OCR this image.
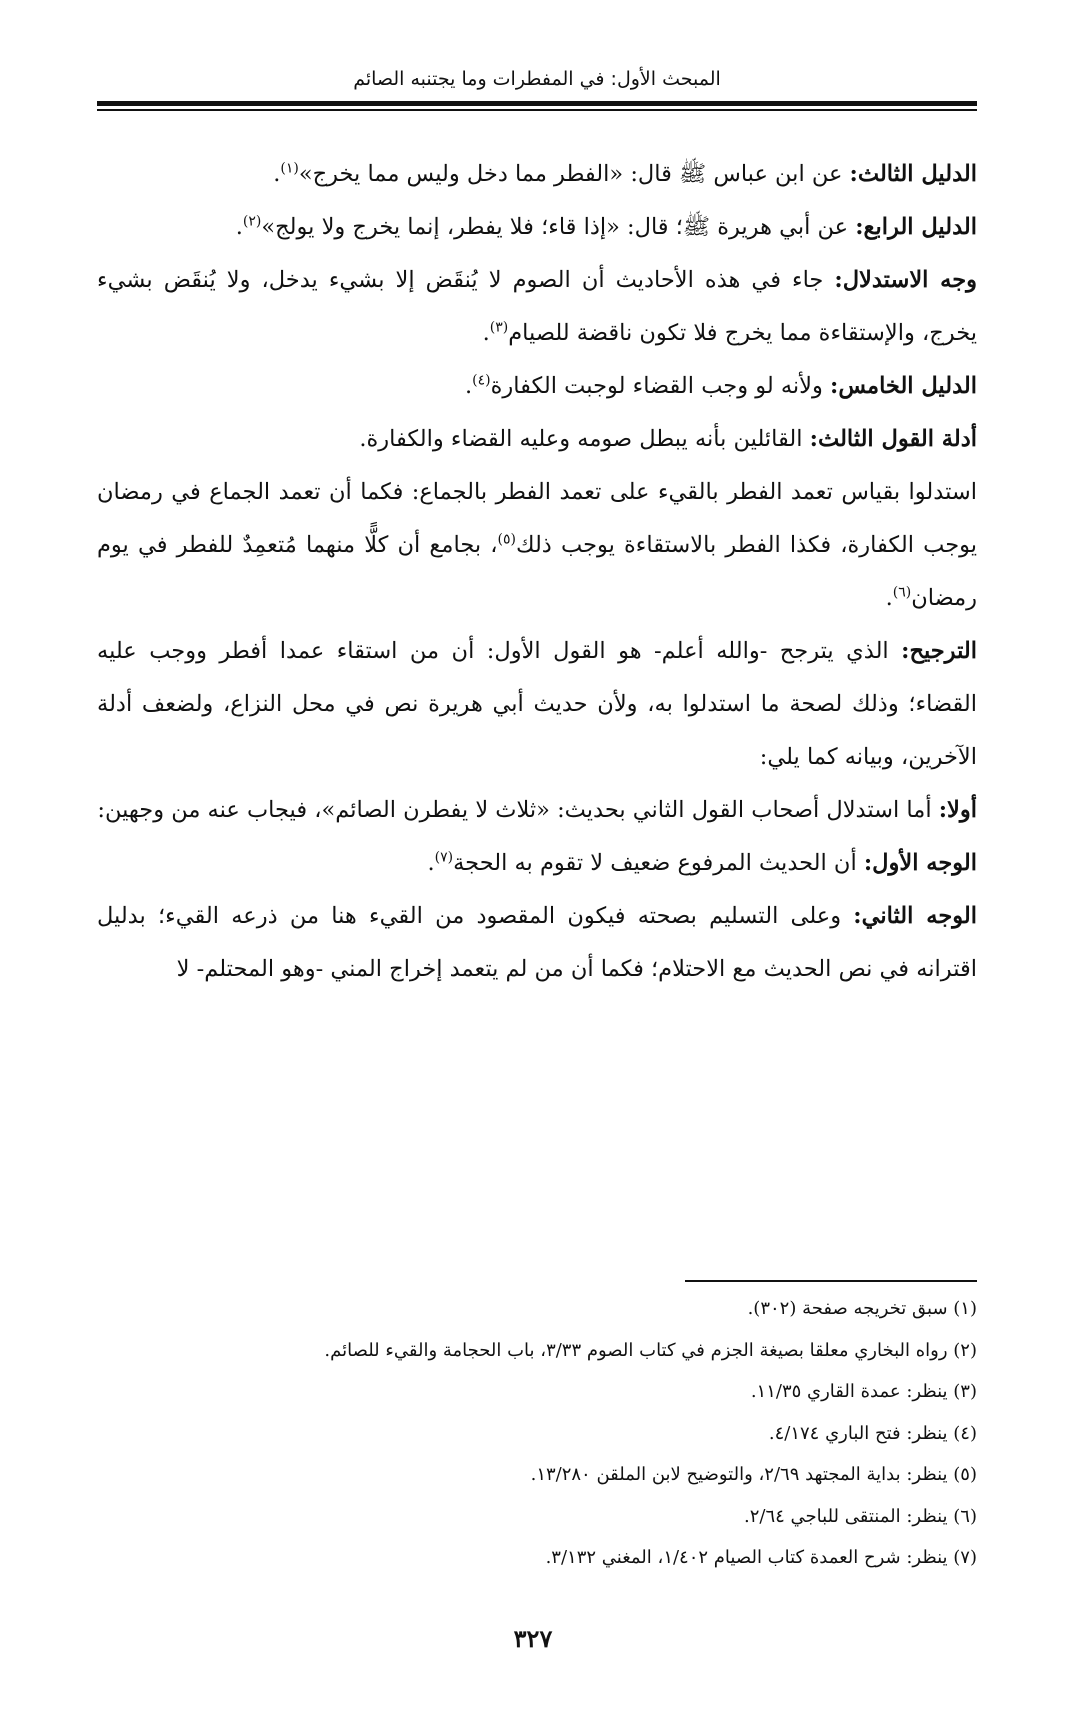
المبحث الأول: في المفطرات وما يجتنبه الصائم

الدليل الثالث: عن ابن عباس ﷺ قال: «الفطر مما دخل وليس مما يخرج»$^{(١)}$.

الدليل الرابع: عن أبي هريرة ﷺ؛ قال: «إذا قاء؛ فلا يفطر، إنما يخرج ولا يولج»$^{(٢)}$.

وجه الاستدلال: جاء في هذه الأحاديث أن الصوم لا يُنقَض إلا بشيء يدخل، ولا يُنقَض بشيء يخرج، والإستقاءة مما يخرج فلا تكون ناقضة للصيام$^{(٣)}$.

الدليل الخامس: ولأنه لو وجب القضاء لوجبت الكفارة$^{(٤)}$.

أدلة القول الثالث: القائلين بأنه يبطل صومه وعليه القضاء والكفارة.

استدلوا بقياس تعمد الفطر بالقيء على تعمد الفطر بالجماع: فكما أن تعمد الجماع في رمضان يوجب الكفارة، فكذا الفطر بالاستقاءة يوجب ذلك$^{(٥)}$، بجامع أن كلًّا منهما مُتعمِدٌ للفطر في يوم رمضان$^{(٦)}$.

الترجيح: الذي يترجح -والله أعلم- هو القول الأول: أن من استقاء عمدا أفطر ووجب عليه القضاء؛ وذلك لصحة ما استدلوا به، ولأن حديث أبي هريرة نص في محل النزاع، ولضعف أدلة الآخرين، وبيانه كما يلي:

أولا: أما استدلال أصحاب القول الثاني بحديث: «ثلاث لا يفطرن الصائم»، فيجاب عنه من وجهين:

الوجه الأول: أن الحديث المرفوع ضعيف لا تقوم به الحجة$^{(٧)}$.

الوجه الثاني: وعلى التسليم بصحته فيكون المقصود من القيء هنا من ذرعه القيء؛ بدليل اقترانه في نص الحديث مع الاحتلام؛ فكما أن من لم يتعمد إخراج المني -وهو المحتلم- لا

(١) سبق تخريجه صفحة (٣٠٢).

(٢) رواه البخاري معلقا بصيغة الجزم في كتاب الصوم ٣/٣٣، باب الحجامة والقيء للصائم.

(٣) ينظر: عمدة القاري ١١/٣٥.

(٤) ينظر: فتح الباري ٤/١٧٤.

(٥) ينظر: بداية المجتهد ٢/٦٩، والتوضيح لابن الملقن ١٣/٢٨٠.

(٦) ينظر: المنتقى للباجي ٢/٦٤.

(٧) ينظر: شرح العمدة كتاب الصيام ١/٤٠٢، المغني ٣/١٣٢.

٣٢٧
